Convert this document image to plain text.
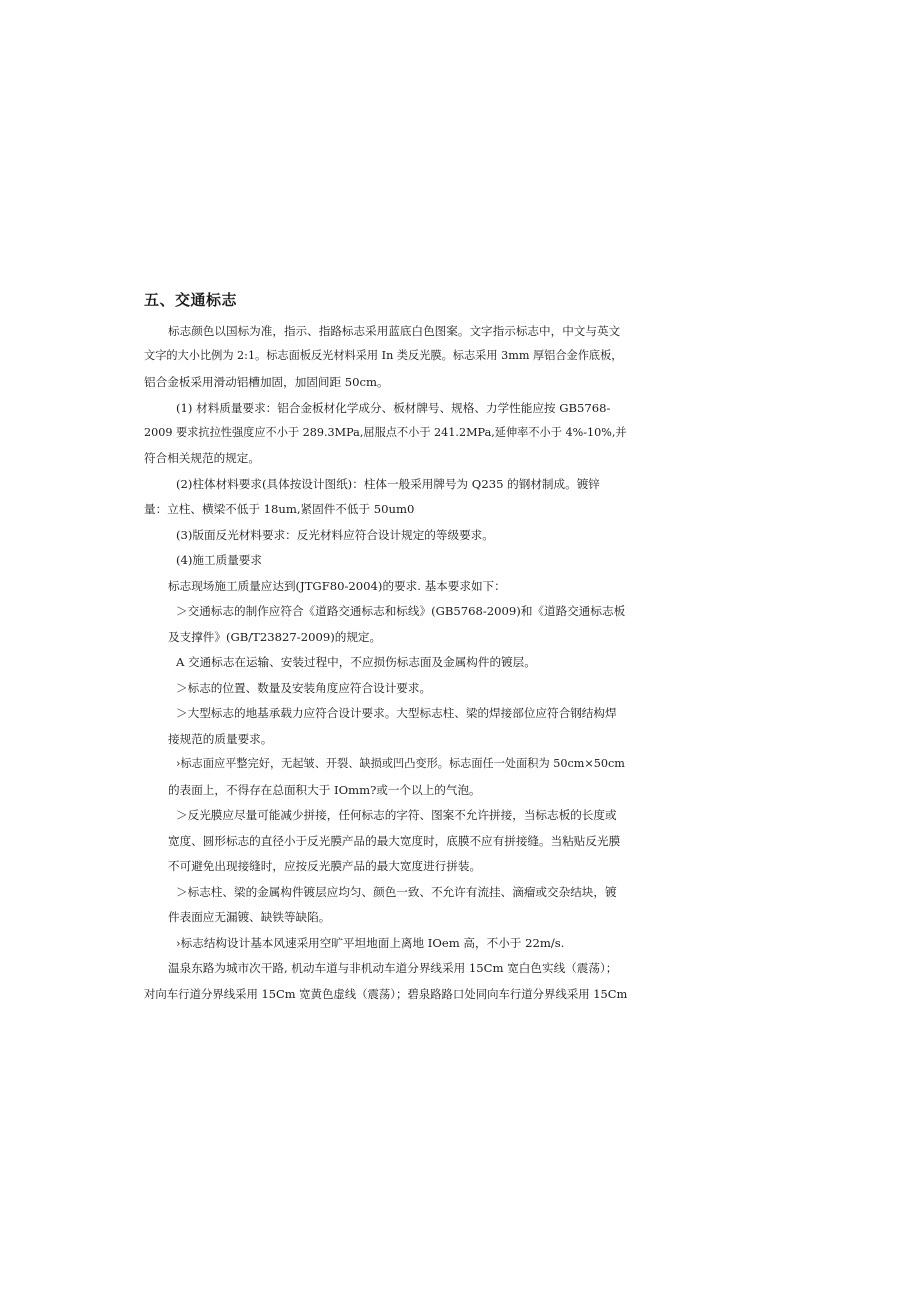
五、交通标志
标志颜色以国标为准，指示、指路标志采用蓝底白色图案。文字指示标志中，中文与英文
文字的大小比例为 2:1。标志面板反光材料采用 In 类反光膜。标志采用 3mm 厚铝合金作底板，
铝合金板采用滑动铝槽加固，加固间距 50cm。
(1) 材料质量要求：铝合金板材化学成分、板材牌号、规格、力学性能应按 GB5768-
2009 要求抗拉性强度应不小于 289.3MPa,屈服点不小于 241.2MPa,延伸率不小于 4%-10%,并
符合相关规范的规定。
(2)柱体材料要求(具体按设计图纸)：柱体一般采用牌号为 Q235 的钢材制成。镀锌
量：立柱、横梁不低于 18um,紧固件不低于 50um0
(3)版面反光材料要求：反光材料应符合设计规定的等级要求。
(4)施工质量要求
标志现场施工质量应达到(JTGF80-2004)的要求. 基本要求如下：
＞交通标志的制作应符合《道路交通标志和标线》(GB5768-2009)和《道路交通标志板
及支撑件》(GB/T23827-2009)的规定。
A 交通标志在运输、安装过程中，不应损伤标志面及金属构件的镀层。
＞标志的位置、数量及安装角度应符合设计要求。
＞大型标志的地基承载力应符合设计要求。大型标志柱、梁的焊接部位应符合钢结构焊
接规范的质量要求。
›标志面应平整完好，无起皱、开裂、缺损或凹凸变形。标志面任一处面积为 50cm×50cm
的表面上，不得存在总面积大于 IOmm?或一个以上的气泡。
＞反光膜应尽量可能减少拼接，任何标志的字符、图案不允许拼接，当标志板的长度或
宽度、圆形标志的直径小于反光膜产品的最大宽度时，底膜不应有拼接缝。当粘贴反光膜
不可避免出现接缝时，应按反光膜产品的最大宽度进行拼装。
＞标志柱、梁的金属构件镀层应均匀、颜色一致、不允许有流挂、滴瘤或交杂结块，镀
件表面应无漏镀、缺铁等缺陷。
›标志结构设计基本风速采用空旷平坦地面上离地 IOem 高，不小于 22m∕s.
温泉东路为城市次干路, 机动车道与非机动车道分界线采用 15Cm 宽白色实线（震荡）；
对向车行道分界线采用 15Cm 宽黄色虚线（震荡）；碧泉路路口处同向车行道分界线采用 15Cm
